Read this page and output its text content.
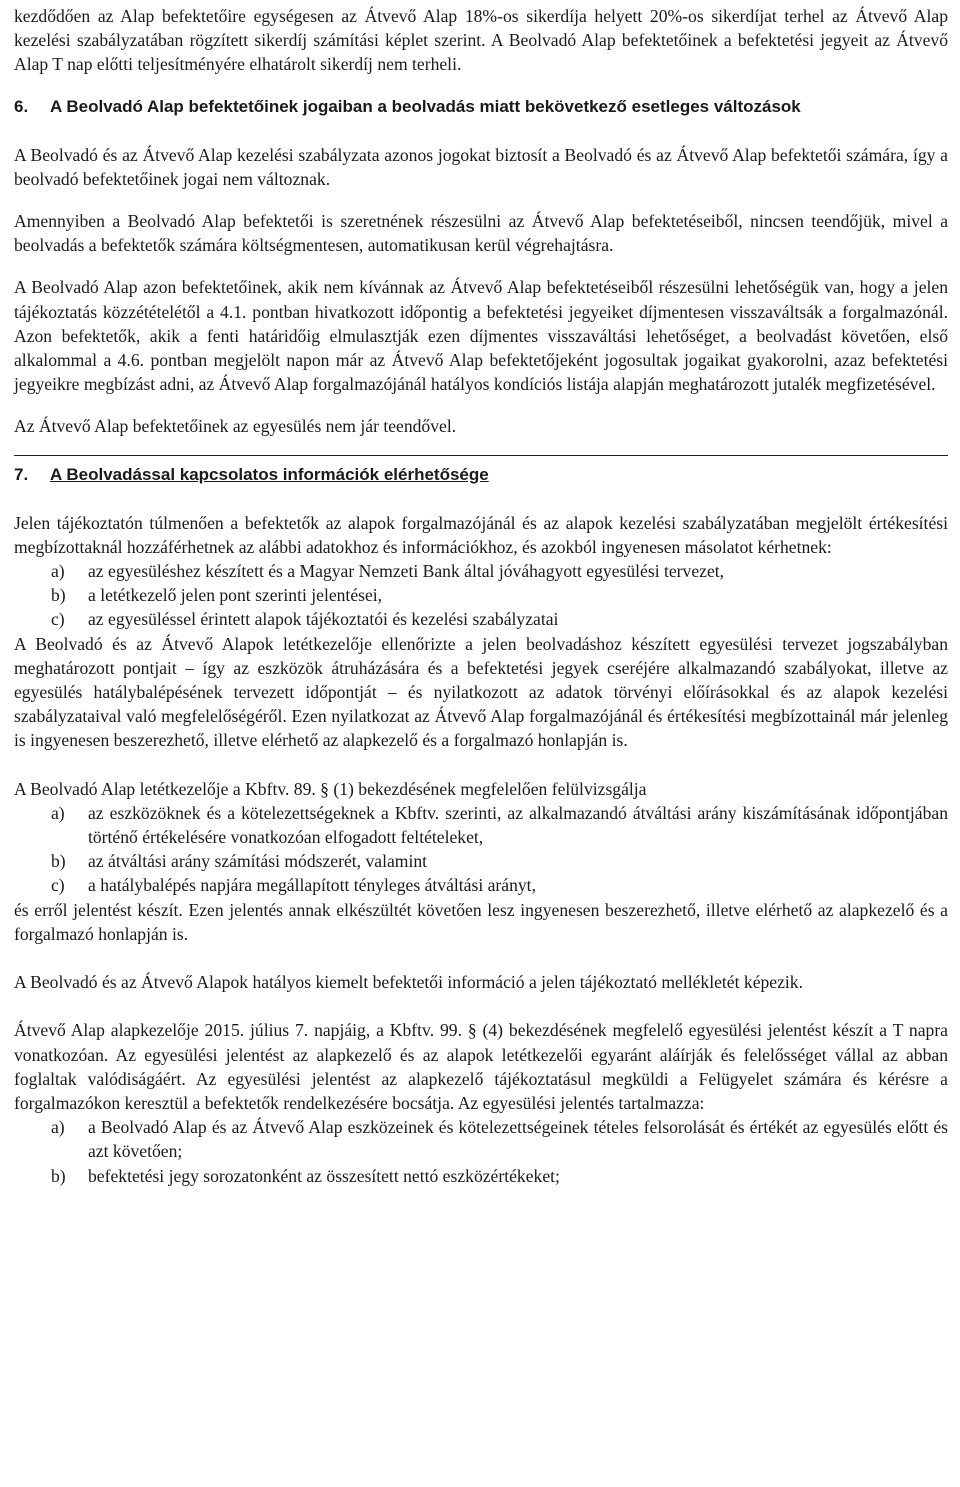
kezdődően az Alap befektetőire egységesen az Átvevő Alap 18%-os sikerdíja helyett 20%-os sikerdíjat terhel az Átvevő Alap kezelési szabályzatában rögzített sikerdíj számítási képlet szerint. A Beolvadó Alap befektetőinek a befektetési jegyeit az Átvevő Alap T nap előtti teljesítményére elhatárolt sikerdíj nem terheli.

6. A Beolvadó Alap befektetőinek jogaiban a beolvadás miatt bekövetkező esetleges változások

A Beolvadó és az Átvevő Alap kezelési szabályzata azonos jogokat biztosít a Beolvadó és az Átvevő Alap befektetői számára, így a beolvadó befektetőinek jogai nem változnak.

Amennyiben a Beolvadó Alap befektetői is szeretnének részesülni az Átvevő Alap befektetéseiből, nincsen teendőjük, mivel a beolvadás a befektetők számára költségmentesen, automatikusan kerül végrehajtásra.

A Beolvadó Alap azon befektetőinek, akik nem kívánnak az Átvevő Alap befektetéseiből részesülni lehetőségük van, hogy a jelen tájékoztatás közzétételétől a 4.1. pontban hivatkozott időpontig a befektetési jegyeiket díjmentesen visszaváltsák a forgalmazónál. Azon befektetők, akik a fenti határidőig elmulasztják ezen díjmentes visszaváltási lehetőséget, a beolvadást követően, első alkalommal a 4.6. pontban megjelölt napon már az Átvevő Alap befektetőjeként jogosultak jogaikat gyakorolni, azaz befektetési jegyeikre megbízást adni, az Átvevő Alap forgalmazójánál hatályos kondíciós listája alapján meghatározott jutalék megfizetésével.

Az Átvevő Alap befektetőinek az egyesülés nem jár teendővel.

7. A Beolvadással kapcsolatos információk elérhetősége

Jelen tájékoztatón túlmenően a befektetők az alapok forgalmazójánál és az alapok kezelési szabályzatában megjelölt értékesítési megbízottaknál hozzáférhetnek az alábbi adatokhoz és információkhoz, és azokból ingyenesen másolatot kérhetnek:

a) az egyesüléshez készített és a Magyar Nemzeti Bank által jóváhagyott egyesülési tervezet,
b) a letétkezelő jelen pont szerinti jelentései,
c) az egyesüléssel érintett alapok tájékoztatói és kezelési szabályzatai

A Beolvadó és az Átvevő Alapok letétkezelője ellenőrizte a jelen beolvadáshoz készített egyesülési tervezet jogszabályban meghatározott pontjait – így az eszközök átruházására és a befektetési jegyek cseréjére alkalmazandó szabályokat, illetve az egyesülés hatálybalépésének tervezett időpontját – és nyilatkozott az adatok törvényi előírásokkal és az alapok kezelési szabályzataival való megfelelőségéről. Ezen nyilatkozat az Átvevő Alap forgalmazójánál és értékesítési megbízottainál már jelenleg is ingyenesen beszerezhető, illetve elérhető az alapkezelő és a forgalmazó honlapján is.

A Beolvadó Alap letétkezelője a Kbftv. 89. § (1) bekezdésének megfelelően felülvizsgálja

a) az eszközöknek és a kötelezettségeknek a Kbftv. szerinti, az alkalmazandó átváltási arány kiszámításának időpontjában történő értékelésére vonatkozóan elfogadott feltételeket,
b) az átváltási arány számítási módszerét, valamint
c) a hatálybalépés napjára megállapított tényleges átváltási arányt,

és erről jelentést készít. Ezen jelentés annak elkészültét követően lesz ingyenesen beszerezhető, illetve elérhető az alapkezelő és a forgalmazó honlapján is.

A Beolvadó és az Átvevő Alapok hatályos kiemelt befektetői információ a jelen tájékoztató mellékletét képezik.

Átvevő Alap alapkezelője 2015. július 7. napjáig, a Kbftv. 99. § (4) bekezdésének megfelelő egyesülési jelentést készít a T napra vonatkozóan. Az egyesülési jelentést az alapkezelő és az alapok letétkezelői egyaránt aláírják és felelősséget vállal az abban foglaltak valódiságáért. Az egyesülési jelentést az alapkezelő tájékoztatásul megküldi a Felügyelet számára és kérésre a forgalmazókon keresztül a befektetők rendelkezésére bocsátja. Az egyesülési jelentés tartalmazza:

a) a Beolvadó Alap és az Átvevő Alap eszközeinek és kötelezettségeinek tételes felsorolását és értékét az egyesülés előtt és azt követően;
b) befektetési jegy sorozatonként az összesített nettó eszközértékeket;
